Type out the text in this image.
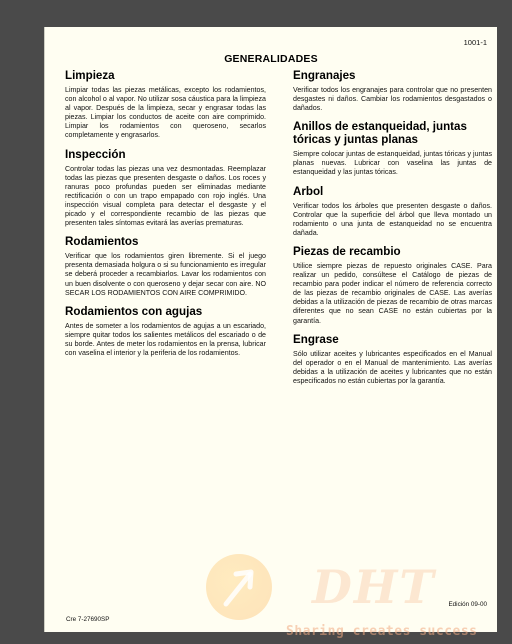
1001-1
GENERALIDADES
Limpieza

Limpiar todas las piezas metálicas, excepto los rodamientos, con alcohol o al vapor. No utilizar sosa cáustica para la limpieza al vapor. Después de la limpieza, secar y engrasar todas las piezas. Limpiar los conductos de aceite con aire comprimido. Limpiar los rodamientos con queroseno, secarlos completamente y engrasarlos.

Inspección

Controlar todas las piezas una vez desmontadas. Reemplazar todas las piezas que presenten desgaste o daños. Los roces y ranuras poco profundas pueden ser eliminadas mediante rectificación o con un trapo empapado con rojo inglés. Una inspección visual completa para detectar el desgaste y el picado y el correspondiente recambio de las piezas que presenten tales síntomas evitará las averías prematuras.

Rodamientos

Verificar que los rodamientos giren libremente. Si el juego presenta demasiada holgura o si su funcionamiento es irregular se deberá proceder a recambiarlos. Lavar los rodamientos con un buen disolvente o con queroseno y dejar secar con aire. NO SECAR LOS RODAMIENTOS CON AIRE COMPRIMIDO.

Rodamientos con agujas

Antes de someter a los rodamientos de agujas a un escariado, siempre quitar todos los salientes metálicos del escariado o de su borde. Antes de meter los rodamientos en la prensa, lubricar con vaselina el interior y la periferia de los rodamientos.

Engranajes

Verificar todos los engranajes para controlar que no presenten desgastes ni daños. Cambiar los rodamientos desgastados o dañados.

Anillos de estanqueidad, juntas tóricas y juntas planas

Siempre colocar juntas de estanqueidad, juntas tóricas y juntas planas nuevas. Lubricar con vaselina las juntas de estanqueidad y las juntas tóricas.

Arbol

Verificar todos los árboles que presenten desgaste o daños. Controlar que la superficie del árbol que lleva montado un rodamiento o una junta de estanqueidad no se encuentra dañada.

Piezas de recambio

Utilice siempre piezas de repuesto originales CASE. Para realizar un pedido, consúltese el Catálogo de piezas de recambio para poder indicar el número de referencia correcto de las piezas de recambio originales de CASE. Las averías debidas a la utilización de piezas de recambio de otras marcas diferentes que no sean CASE no están cubiertas por la garantía.

Engrase

Sólo utilizar aceites y lubricantes especificados en el Manual del operador o en el Manual de mantenimiento. Las averías debidas a la utilización de aceites y lubricantes que no están especificados no están cubiertas por la garantía.

Cre 7-27690SP
Edición 09-00
DHT
Sharing creates success
